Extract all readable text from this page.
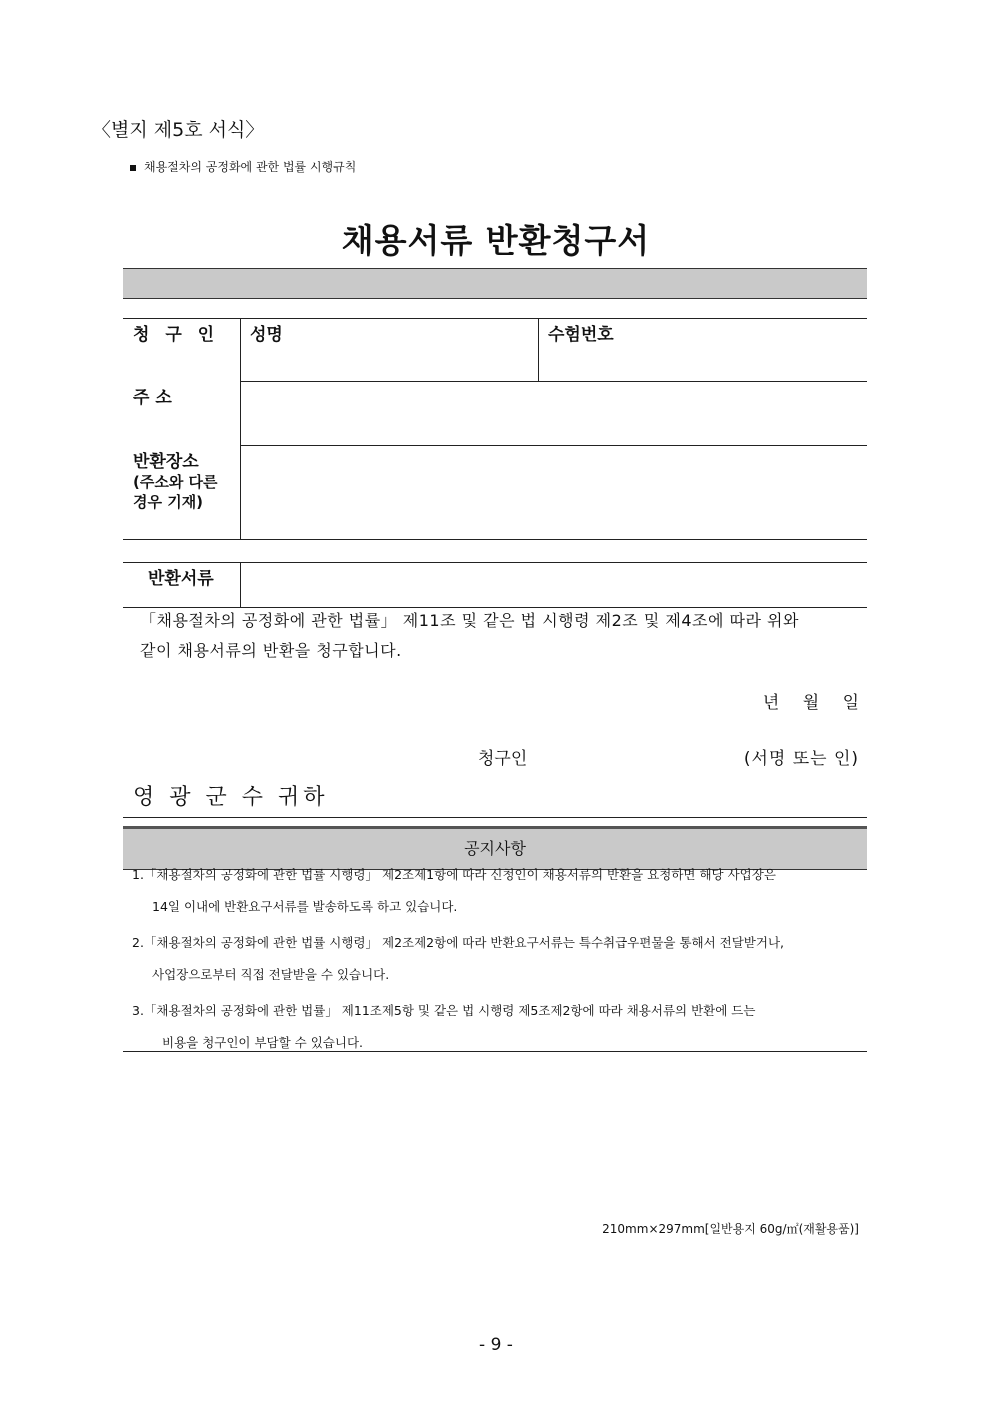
〈별지 제5호 서식〉
채용절차의 공정화에 관한 법률 시행규칙
채용서류 반환청구서
청 구 인 성명	수험번호
주 소
반환장소
(주소와 다른
경우 기재)
반환서류
「채용절차의 공정화에 관한 법률」 제11조 및 같은 법 시행령 제2조 및 제4조에 따라 위와
같이 채용서류의 반환을 청구합니다.
년 월 일
청구인	(서명 또는 인)
영 광 군 수 귀하
공지사항
1.「채용절차의 공정화에 관한 법률 시행령」 제2조제1항에 따라 신청인이 채용서류의 반환을 요청하면 해당 사업장은
14일 이내에 반환요구서류를 발송하도록 하고 있습니다.
2.「채용절차의 공정화에 관한 법률 시행령」 제2조제2항에 따라 반환요구서류는 특수취급우편물을 통해서 전달받거나,
사업장으로부터 직접 전달받을 수 있습니다.
3.「채용절차의 공정화에 관한 법률」 제11조제5항 및 같은 법 시행령 제5조제2항에 따라 채용서류의 반환에 드는
비용을 청구인이 부담할 수 있습니다.
210mm×297mm[일반용지 60g/㎡(재활용품)]
- 9 -
